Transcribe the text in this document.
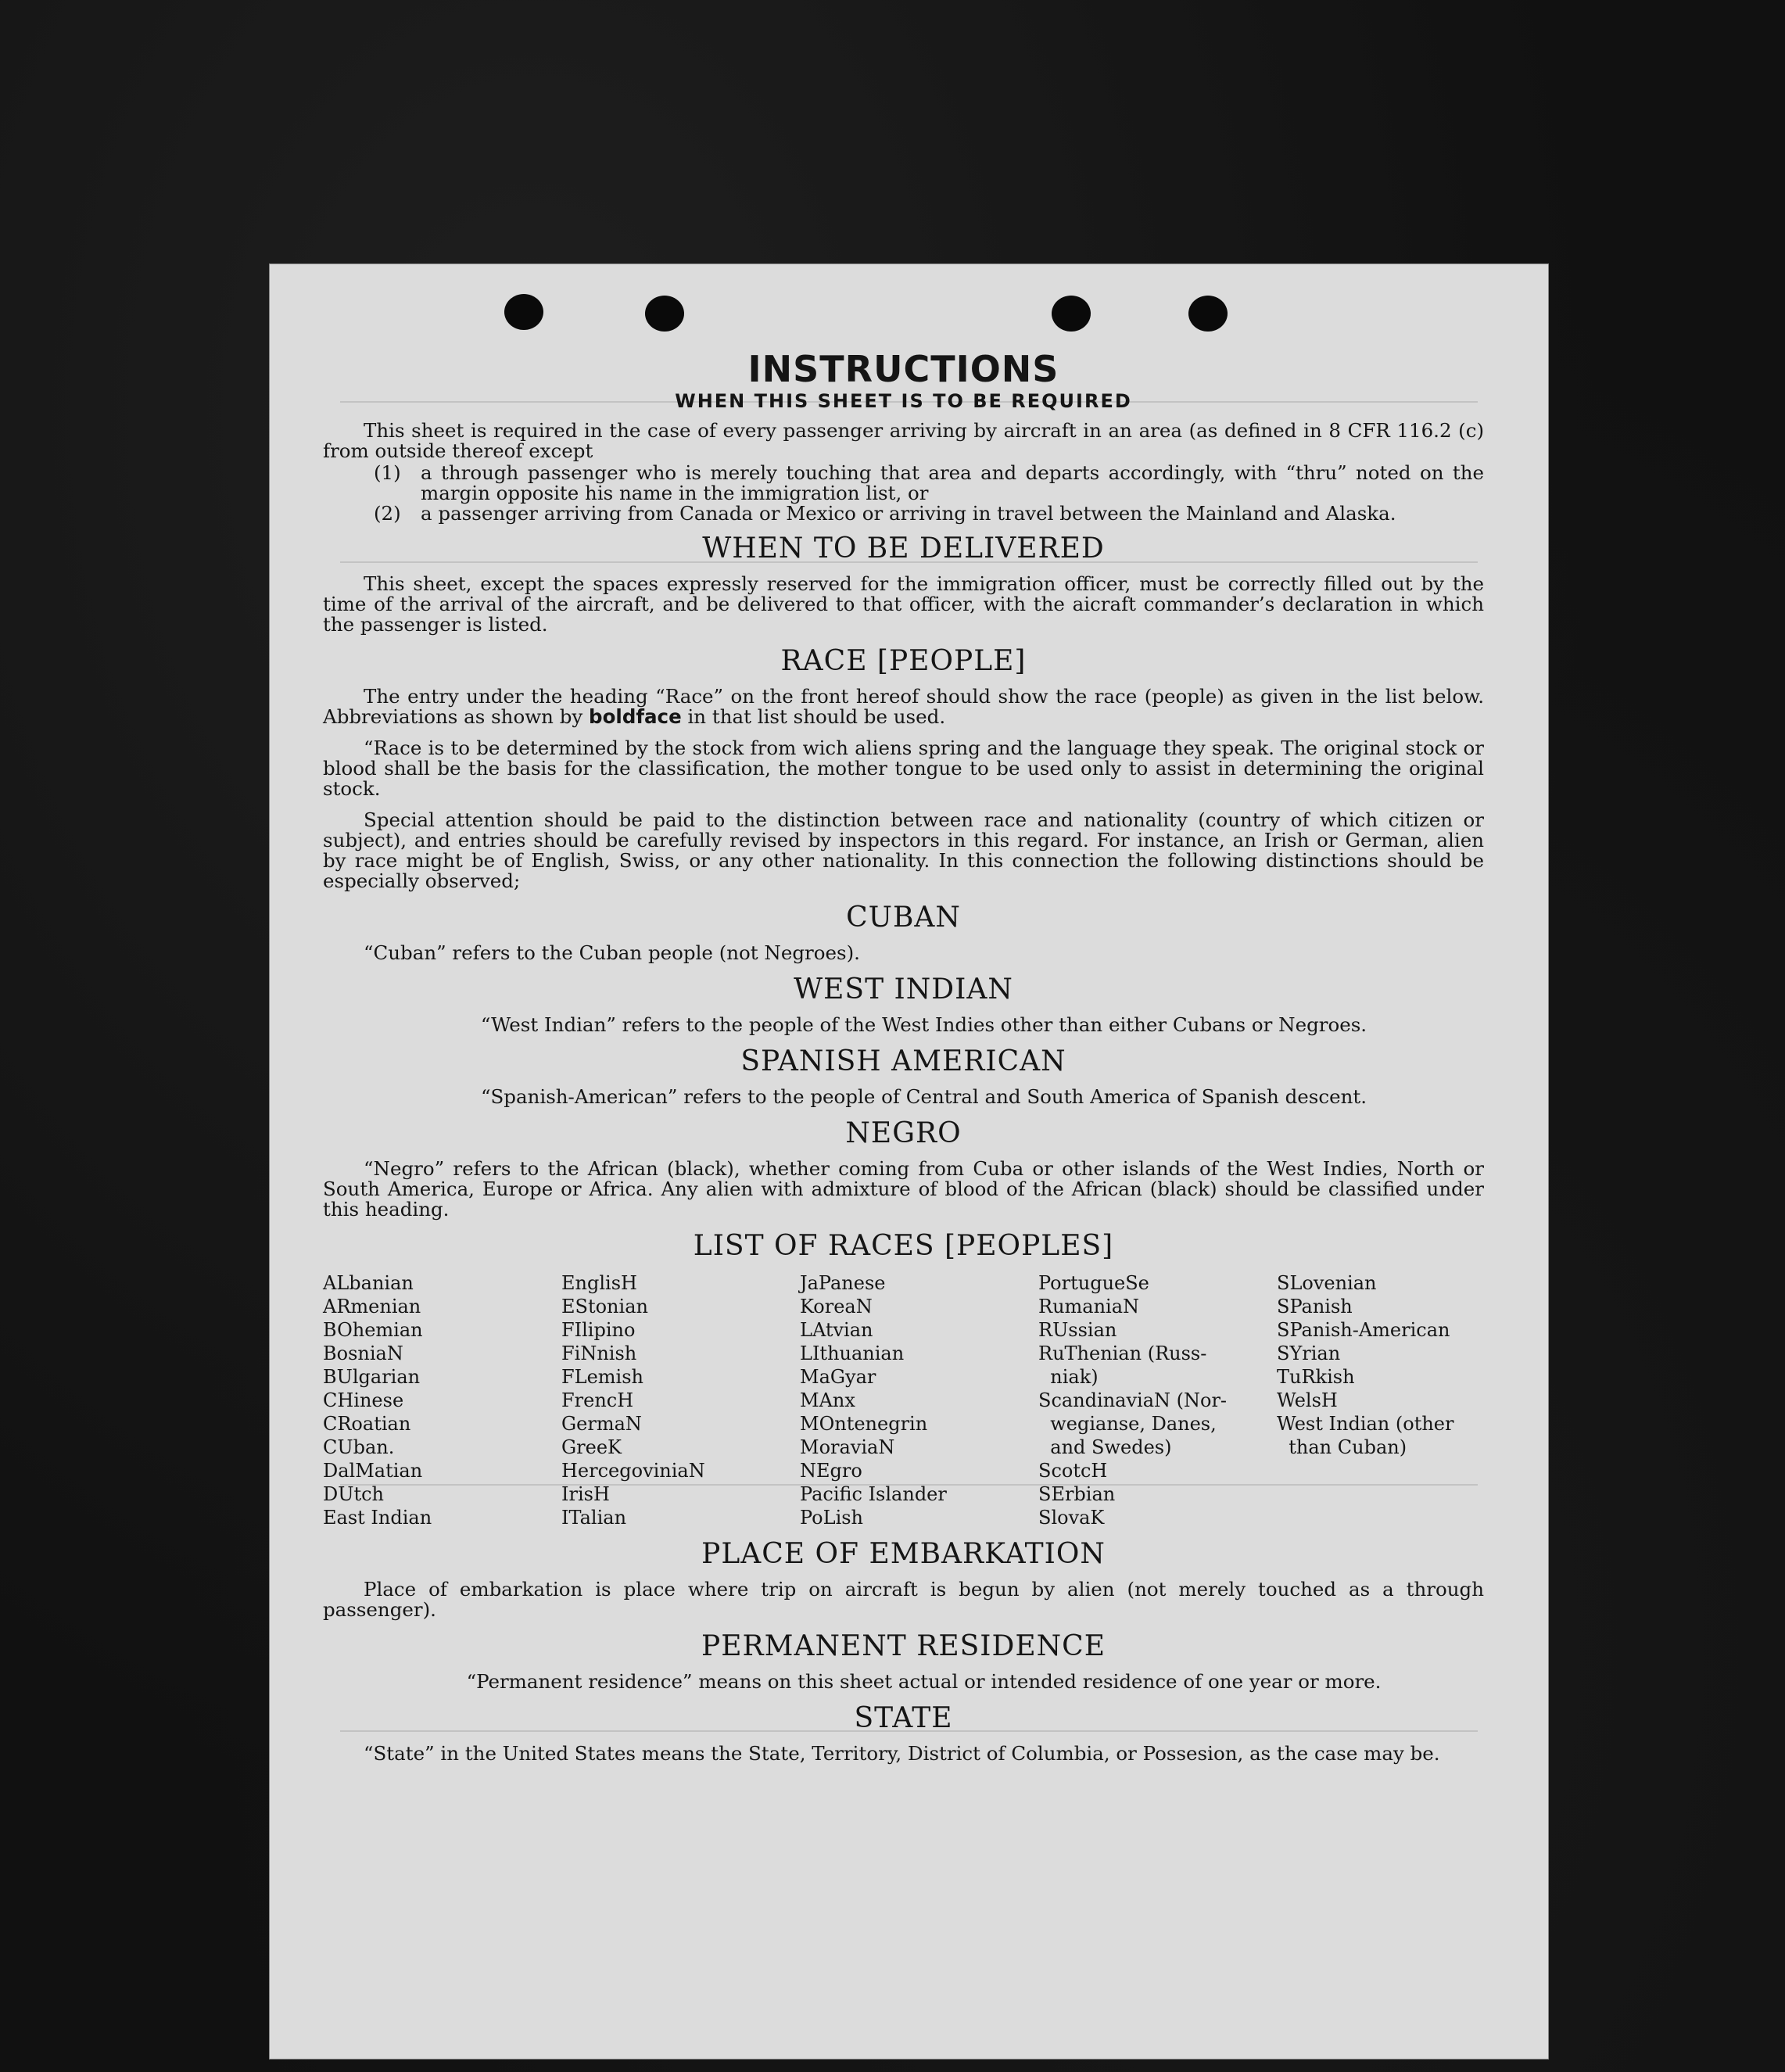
INSTRUCTIONS
WHEN THIS SHEET IS TO BE REQUIRED

This sheet is required in the case of every passenger arriving by aircraft in an area (as defined in 8 CFR 116.2 (c) from outside thereof except

(1) a through passenger who is merely touching that area and departs accordingly, with “thru” noted on the margin opposite his name in the immigration list, or

(2) a passenger arriving from Canada or Mexico or arriving in travel between the Mainland and Alaska.

WHEN TO BE DELIVERED

This sheet, except the spaces expressly reserved for the immigration officer, must be correctly filled out by the time of the arrival of the aircraft, and be delivered to that officer, with the aicraft commander’s declaration in which the passenger is listed.

RACE [PEOPLE]

The entry under the heading “Race” on the front hereof should show the race (people) as given in the list below. Abbreviations as shown by boldface in that list should be used.

“Race is to be determined by the stock from wich aliens spring and the language they speak. The original stock or blood shall be the basis for the classification, the mother tongue to be used only to assist in determining the original stock.

Special attention should be paid to the distinction between race and nationality (country of which citizen or subject), and entries should be carefully revised by inspectors in this regard. For instance, an Irish or German, alien by race might be of English, Swiss, or any other nationality. In this connection the following distinctions should be especially observed;

CUBAN

“Cuban” refers to the Cuban people (not Negroes).

WEST INDIAN

“West Indian” refers to the people of the West Indies other than either Cubans or Negroes.

SPANISH AMERICAN

“Spanish-American” refers to the people of Central and South America of Spanish descent.

NEGRO

“Negro” refers to the African (black), whether coming from Cuba or other islands of the West Indies, North or South America, Europe or Africa. Any alien with admixture of blood of the African (black) should be classified under this heading.

LIST OF RACES [PEOPLES]
ALbanian
ARmenian
BOhemian
BosniaN
BUlgarian
CHinese
CRoatian
CUban.
DalMatian
DUtch
East Indian
EnglisH
EStonian
FIlipino
FiNnish
FLemish
FrencH
GermaN
GreeK
HercegoviniaN
IrisH
ITalian
JaPanese
KoreaN
LAtvian
LIthuanian
MaGyar
MAnx
MOntenegrin
MoraviaN
NEgro
Pacific Islander
PoLish
PortugueSe
RumaniaN
RUssian
RuThenian (Russ-
niak)
ScandinaviaN (Nor-
wegianse, Danes,
and Swedes)
ScotcH
SErbian
SlovaK
SLovenian
SPanish
SPanish-American
SYrian
TuRkish
WelsH
West Indian (other
than Cuban)
PLACE OF EMBARKATION

Place of embarkation is place where trip on aircraft is begun by alien (not merely touched as a through passenger).

PERMANENT RESIDENCE

“Permanent residence” means on this sheet actual or intended residence of one year or more.

STATE

“State” in the United States means the State, Territory, District of Columbia, or Possesion, as the case may be.
